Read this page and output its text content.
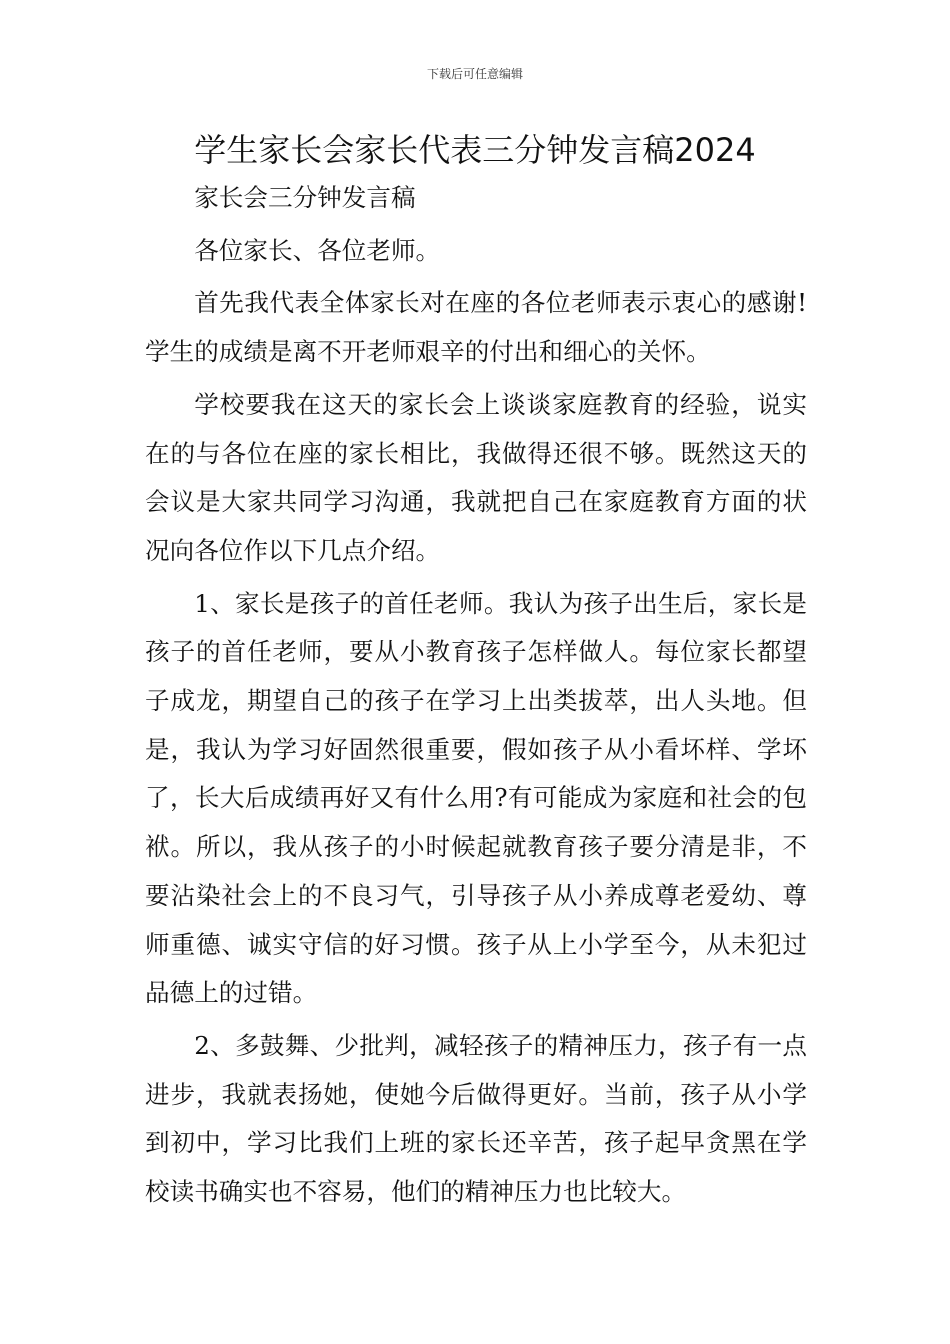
下载后可任意编辑
学生家长会家长代表三分钟发言稿2024

家长会三分钟发言稿

各位家长、各位老师。

首先我代表全体家长对在座的各位老师表示衷心的感谢!学生的成绩是离不开老师艰辛的付出和细心的关怀。

学校要我在这天的家长会上谈谈家庭教育的经验，说实在的与各位在座的家长相比，我做得还很不够。既然这天的会议是大家共同学习沟通，我就把自己在家庭教育方面的状况向各位作以下几点介绍。

1、家长是孩子的首任老师。我认为孩子出生后，家长是孩子的首任老师，要从小教育孩子怎样做人。每位家长都望子成龙，期望自己的孩子在学习上出类拔萃，出人头地。但是，我认为学习好固然很重要，假如孩子从小看坏样、学坏了，长大后成绩再好又有什么用?有可能成为家庭和社会的包袱。所以，我从孩子的小时候起就教育孩子要分清是非，不要沾染社会上的不良习气，引导孩子从小养成尊老爱幼、尊师重德、诚实守信的好习惯。孩子从上小学至今，从未犯过品德上的过错。

2、多鼓舞、少批判，减轻孩子的精神压力，孩子有一点进步，我就表扬她，使她今后做得更好。当前，孩子从小学到初中，学习比我们上班的家长还辛苦，孩子起早贪黑在学校读书确实也不容易，他们的精神压力也比较大。
